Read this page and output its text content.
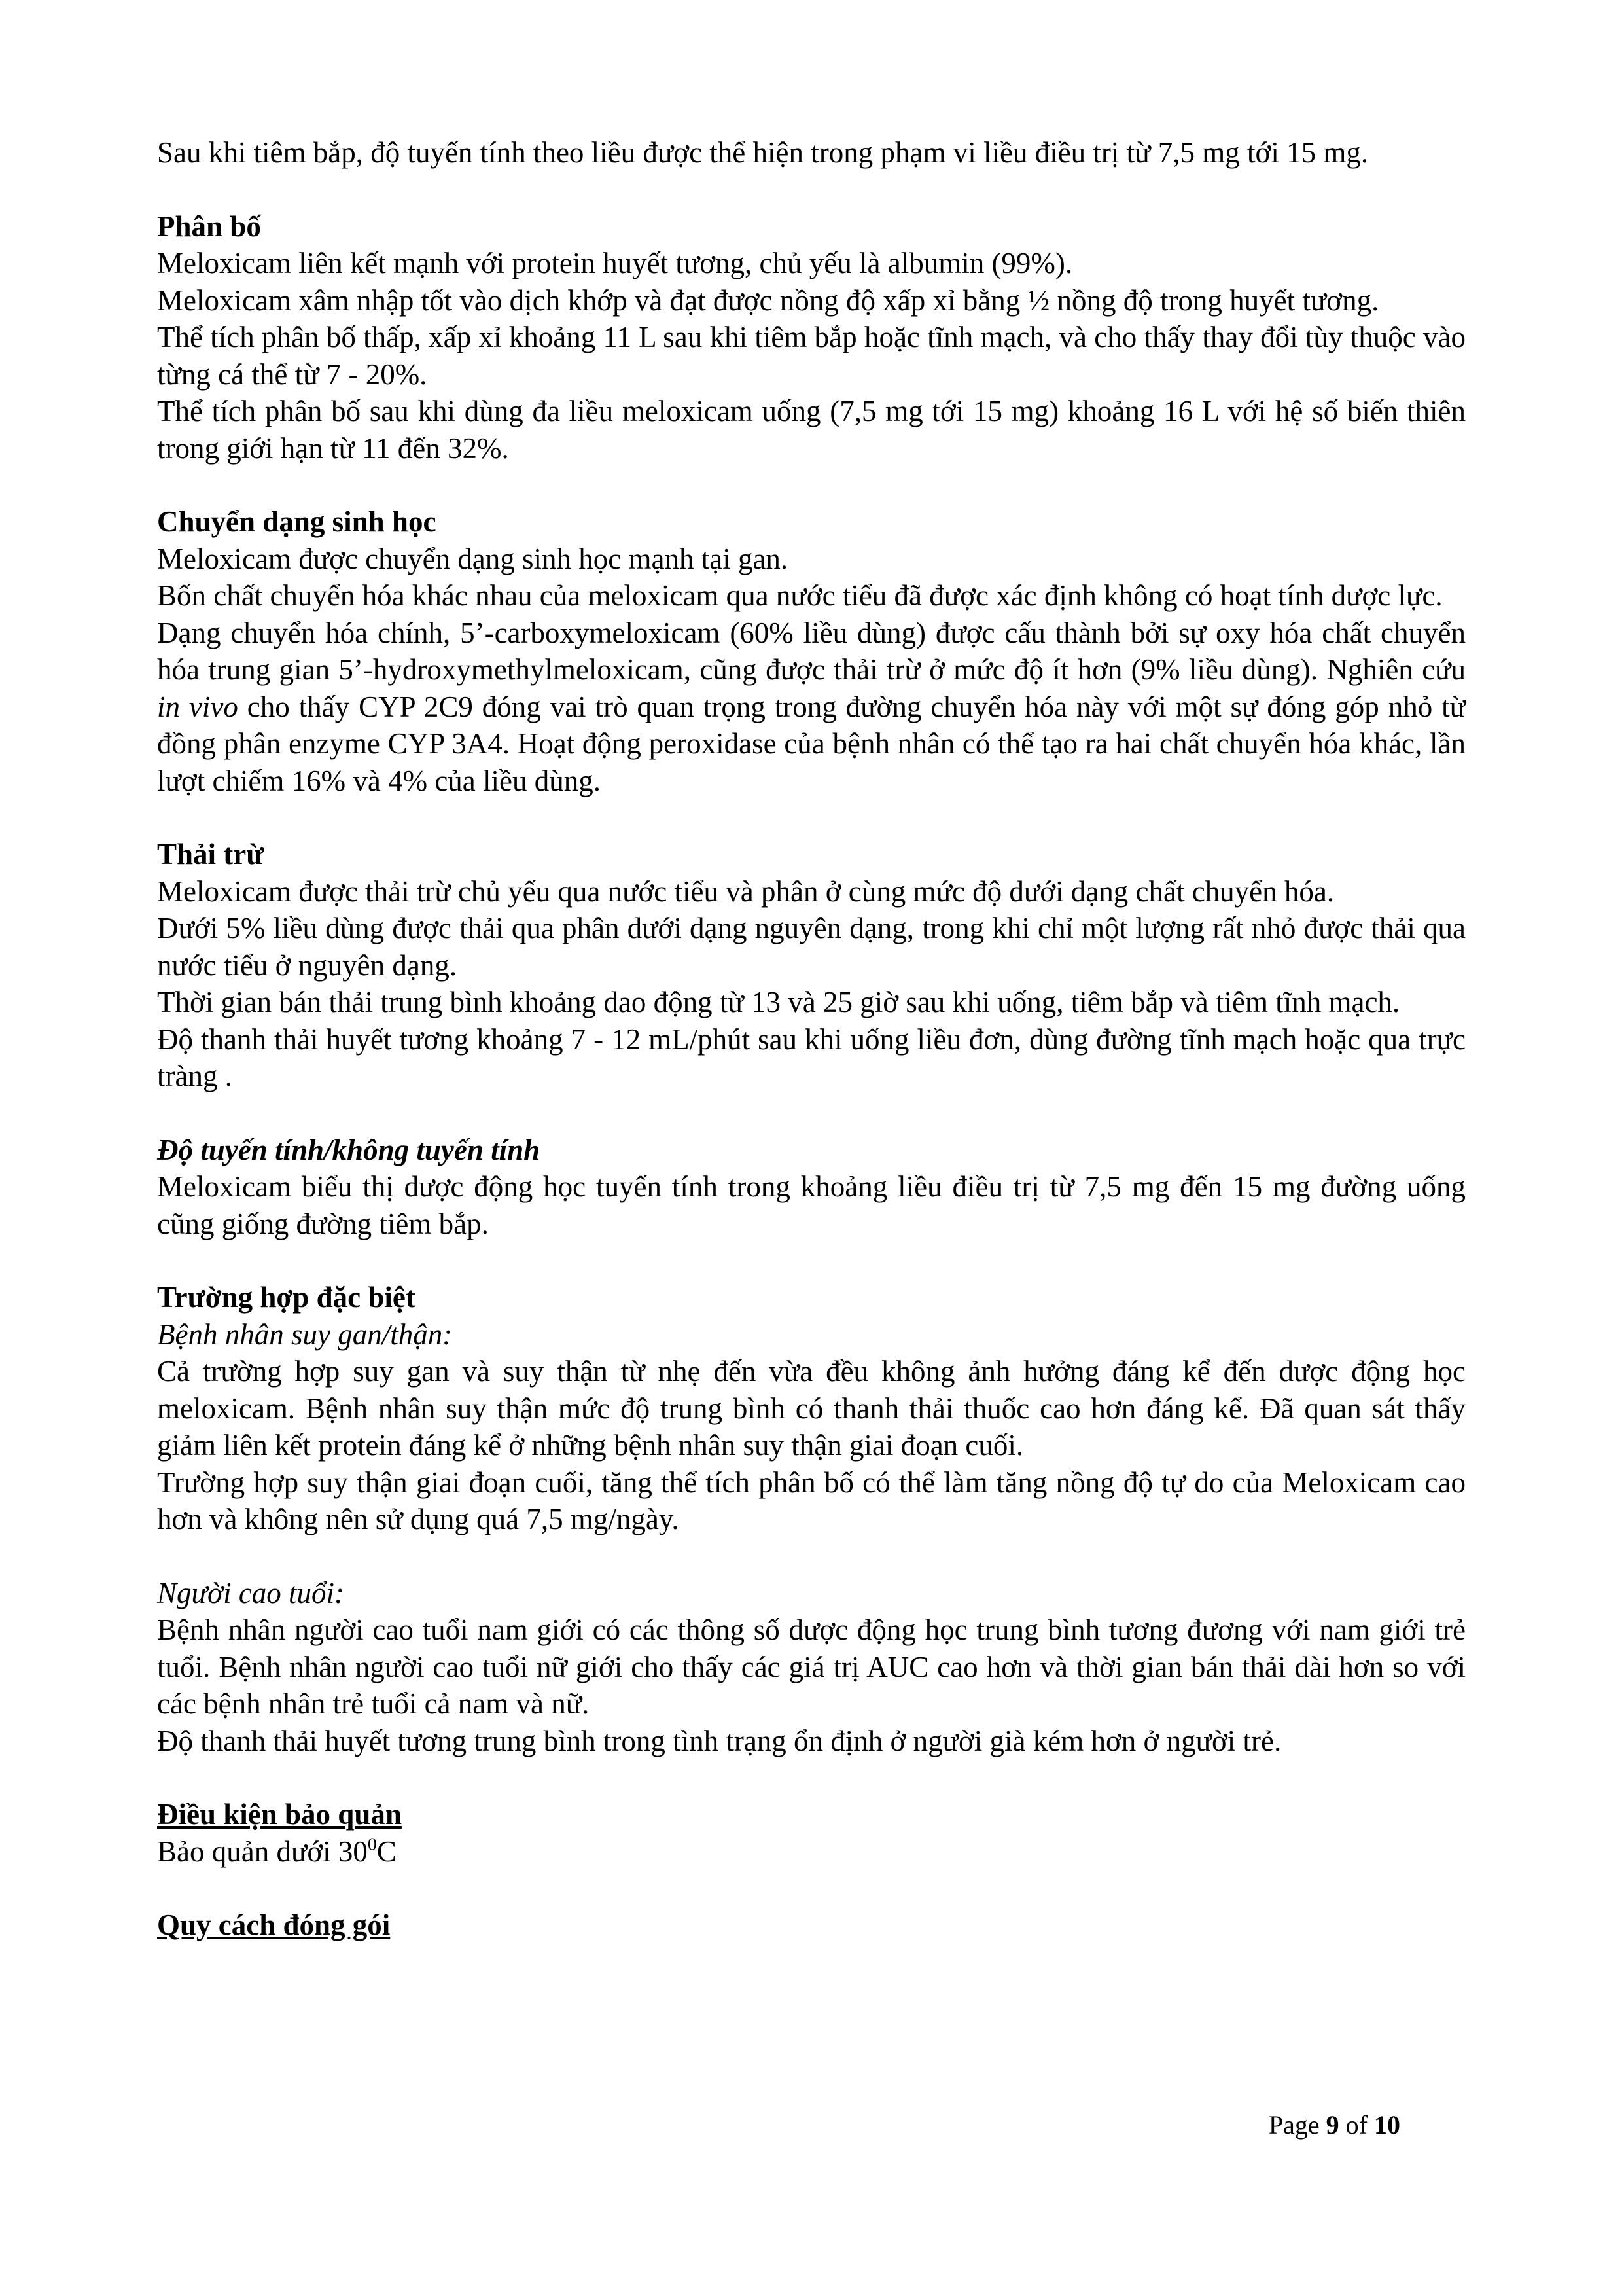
Sau khi tiêm bắp, độ tuyến tính theo liều được thể hiện trong phạm vi liều điều trị từ 7,5 mg tới 15 mg.

Phân bố

Meloxicam liên kết mạnh với protein huyết tương, chủ yếu là albumin (99%).

Meloxicam xâm nhập tốt vào dịch khớp và đạt được nồng độ xấp xỉ bằng ½ nồng độ trong huyết tương.

Thể tích phân bố thấp, xấp xỉ khoảng 11 L sau khi tiêm bắp hoặc tĩnh mạch, và cho thấy thay đổi tùy thuộc vào từng cá thể từ 7 - 20%.

Thể tích phân bố sau khi dùng đa liều meloxicam uống (7,5 mg tới 15 mg) khoảng 16 L với hệ số biến thiên trong giới hạn từ 11 đến 32%.

Chuyển dạng sinh học

Meloxicam được chuyển dạng sinh học mạnh tại gan.

Bốn chất chuyển hóa khác nhau của meloxicam qua nước tiểu đã được xác định không có hoạt tính dược lực.

Dạng chuyển hóa chính, 5’-carboxymeloxicam (60% liều dùng) được cấu thành bởi sự oxy hóa chất chuyển hóa trung gian 5’-hydroxymethylmeloxicam, cũng được thải trừ ở mức độ ít hơn (9% liều dùng). Nghiên cứu in vivo cho thấy CYP 2C9 đóng vai trò quan trọng trong đường chuyển hóa này với một sự đóng góp nhỏ từ đồng phân enzyme CYP 3A4. Hoạt động peroxidase của bệnh nhân có thể tạo ra hai chất chuyển hóa khác, lần lượt chiếm 16% và 4% của liều dùng.

Thải trừ

Meloxicam được thải trừ chủ yếu qua nước tiểu và phân ở cùng mức độ dưới dạng chất chuyển hóa.

Dưới 5% liều dùng được thải qua phân dưới dạng nguyên dạng, trong khi chỉ một lượng rất nhỏ được thải qua nước tiểu ở nguyên dạng.

Thời gian bán thải trung bình khoảng dao động từ 13 và 25 giờ sau khi uống, tiêm bắp và tiêm tĩnh mạch.

Độ thanh thải huyết tương khoảng 7 - 12 mL/phút sau khi uống liều đơn, dùng đường tĩnh mạch hoặc qua trực tràng .

Độ tuyến tính/không tuyến tính

Meloxicam biểu thị dược động học tuyến tính trong khoảng liều điều trị từ 7,5 mg đến 15 mg đường uống cũng giống đường tiêm bắp.

Trường hợp đặc biệt

Bệnh nhân suy gan/thận:

Cả trường hợp suy gan và suy thận từ nhẹ đến vừa đều không ảnh hưởng đáng kể đến dược động học meloxicam. Bệnh nhân suy thận mức độ trung bình có thanh thải thuốc cao hơn đáng kể. Đã quan sát thấy giảm liên kết protein đáng kể ở những bệnh nhân suy thận giai đoạn cuối.

Trường hợp suy thận giai đoạn cuối, tăng thể tích phân bố có thể làm tăng nồng độ tự do của Meloxicam cao hơn và không nên sử dụng quá 7,5 mg/ngày.

Người cao tuổi:

Bệnh nhân người cao tuổi nam giới có các thông số dược động học trung bình tương đương với nam giới trẻ tuổi. Bệnh nhân người cao tuổi nữ giới cho thấy các giá trị AUC cao hơn và thời gian bán thải dài hơn so với các bệnh nhân trẻ tuổi cả nam và nữ.

Độ thanh thải huyết tương trung bình trong tình trạng ổn định ở người già kém hơn ở người trẻ.

Điều kiện bảo quản

Bảo quản dưới $30^0C$

Quy cách đóng gói

Page 9 of 10
